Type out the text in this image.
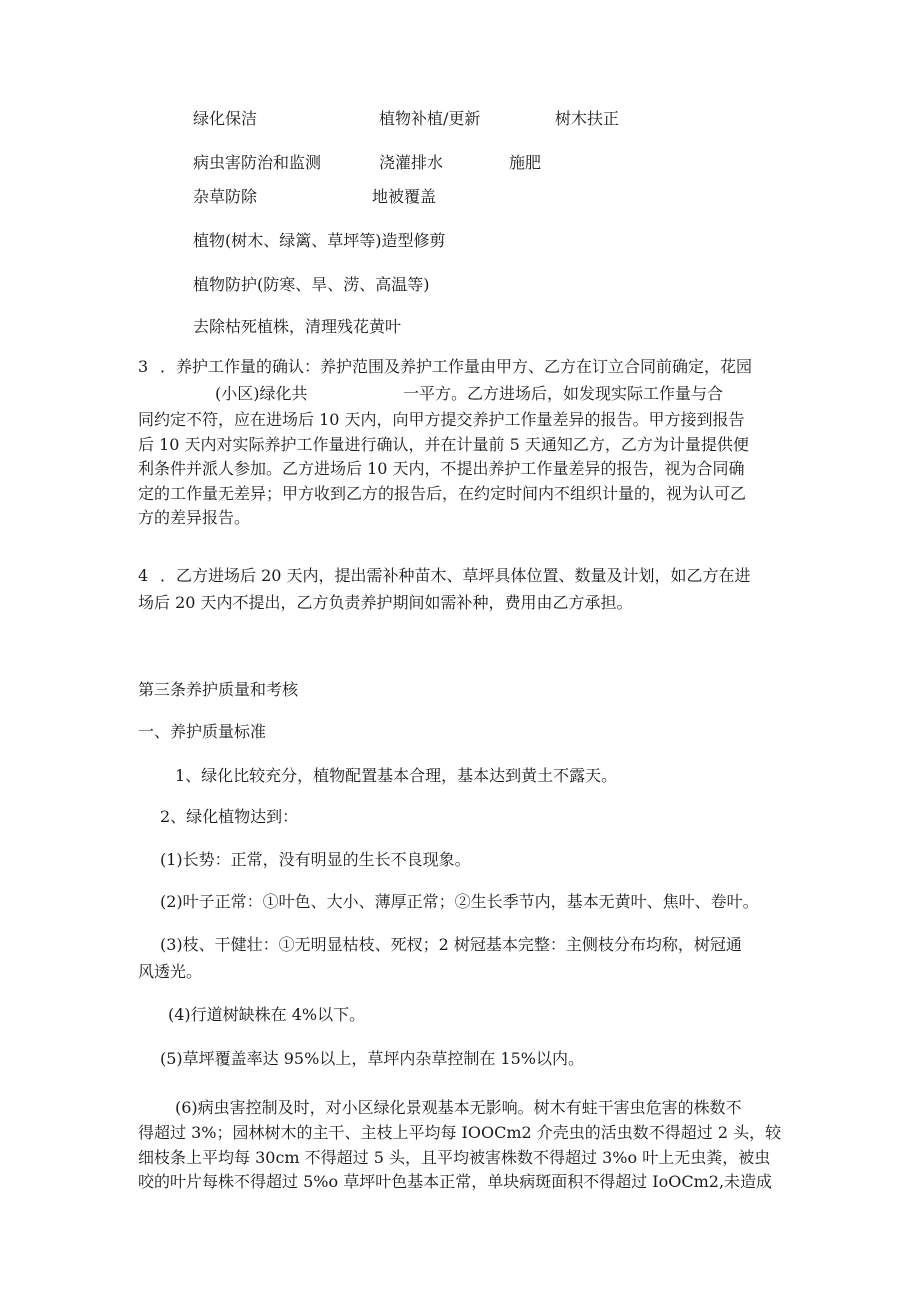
绿化保洁	植物补植/更新	树木扶正
病虫害防治和监测	浇灌排水	施肥
杂草防除	地被覆盖
植物(树木、绿篱、草坪等)造型修剪
植物防护(防寒、旱、涝、高温等)
去除枯死植株，清理残花黄叶
3 ．养护工作量的确认：养护范围及养护工作量由甲方、乙方在订立合同前确定，花园
(小区)绿化共	一平方。乙方进场后，如发现实际工作量与合
同约定不符，应在进场后 10 天内，向甲方提交养护工作量差异的报告。甲方接到报告
后 10 天内对实际养护工作量进行确认，并在计量前 5 天通知乙方，乙方为计量提供便
利条件并派人参加。乙方进场后 10 天内，不提出养护工作量差异的报告，视为合同确
定的工作量无差异；甲方收到乙方的报告后，在约定时间内不组织计量的，视为认可乙
方的差异报告。
4 ．乙方进场后 20 天内，提出需补种苗木、草坪具体位置、数量及计划，如乙方在进
场后 20 天内不提出，乙方负责养护期间如需补种，费用由乙方承担。
第三条养护质量和考核
一、养护质量标准
1、绿化比较充分，植物配置基本合理，基本达到黄土不露天。
2、绿化植物达到：
(1)长势：正常，没有明显的生长不良现象。
(2)叶子正常：①叶色、大小、薄厚正常；②生长季节内，基本无黄叶、焦叶、卷叶。
(3)枝、干健壮：①无明显枯枝、死杈；2 树冠基本完整：主侧枝分布均称，树冠通
风透光。
(4)行道树缺株在 4%以下。
(5)草坪覆盖率达 95%以上，草坪内杂草控制在 15%以内。
(6)病虫害控制及时，对小区绿化景观基本无影响。树木有蛀干害虫危害的株数不
得超过 3%；园林树木的主干、主枝上平均每 IOOCm2 介壳虫的活虫数不得超过 2 头，较
细枝条上平均每 30cm 不得超过 5 头，且平均被害株数不得超过 3%o 叶上无虫粪，被虫
咬的叶片每株不得超过 5%o 草坪叶色基本正常，单块病斑面积不得超过 IoOCm2,未造成
